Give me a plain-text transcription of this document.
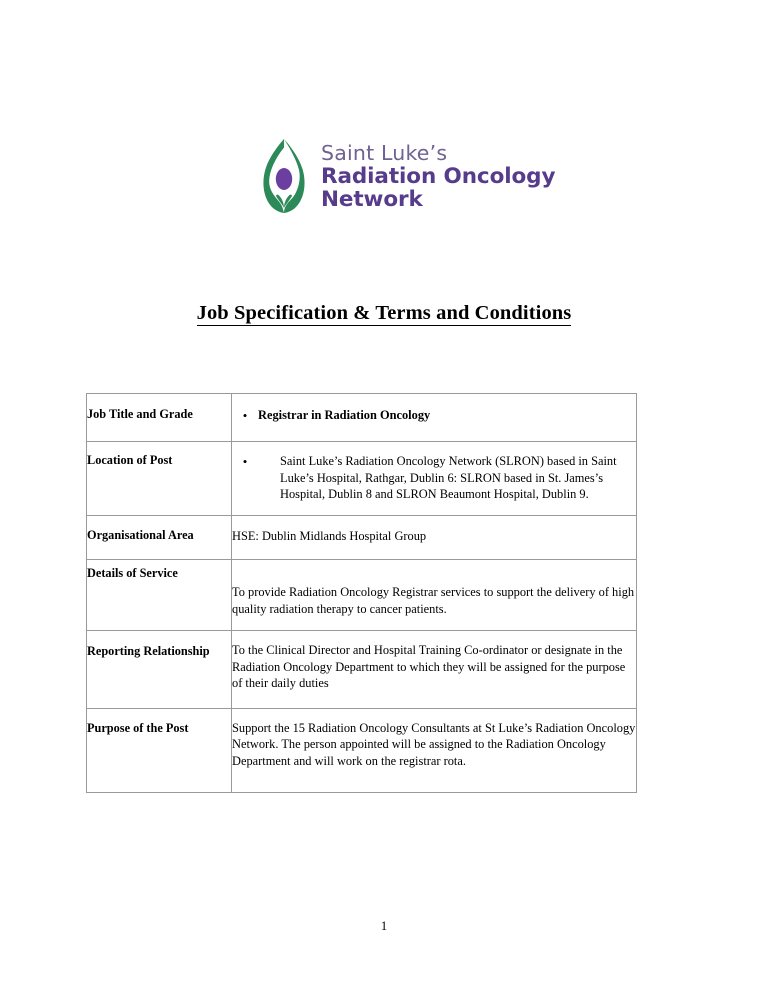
Saint Luke’s
Radiation Oncology
Network
Job Specification & Terms and Conditions
Job Title and Grade	• Registrar in Radiation Oncology

Location of Post	• Saint Luke’s Radiation Oncology Network (SLRON) based in Saint Luke’s Hospital, Rathgar, Dublin 6: SLRON based in St. James’s Hospital, Dublin 8 and SLRON Beaumont Hospital, Dublin 9.

Organisational Area	HSE: Dublin Midlands Hospital Group
Details of Service	To provide Radiation Oncology Registrar services to support the delivery of high quality radiation therapy to cancer patients.
Reporting Relationship	To the Clinical Director and Hospital Training Co-ordinator or designate in the Radiation Oncology Department to which they will be assigned for the purpose of their daily duties
Purpose of the Post	Support the 15 Radiation Oncology Consultants at St Luke’s Radiation Oncology Network. The person appointed will be assigned to the Radiation Oncology Department and will work on the registrar rota.
1
